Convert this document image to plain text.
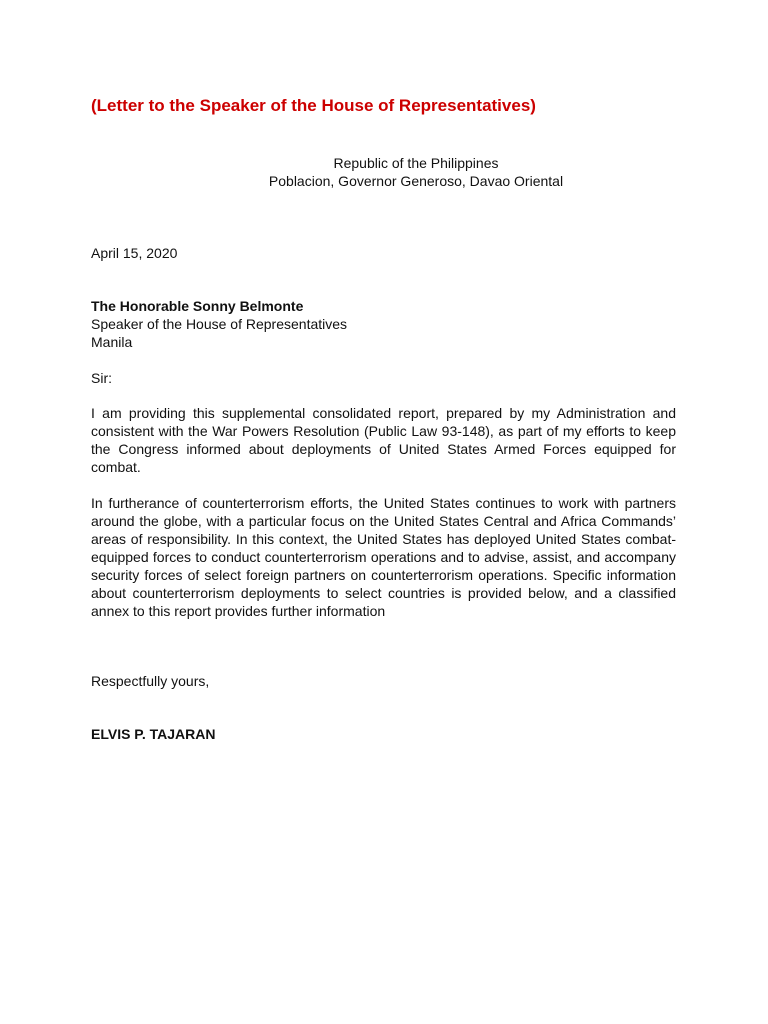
(Letter to the Speaker of the House of Representatives)
Republic of the Philippines
Poblacion, Governor Generoso, Davao Oriental
April 15, 2020
The Honorable Sonny Belmonte
Speaker of the House of Representatives
Manila
Sir:

I am providing this supplemental consolidated report, prepared by my Administration and consistent with the War Powers Resolution (Public Law 93-148), as part of my efforts to keep the Congress informed about deployments of United States Armed Forces equipped for combat.

In furtherance of counterterrorism efforts, the United States continues to work with partners around the globe, with a particular focus on the United States Central and Africa Commands’ areas of responsibility. In this context, the United States has deployed United States combat-equipped forces to conduct counterterrorism operations and to advise, assist, and accompany security forces of select foreign partners on counterterrorism operations. Specific information about counterterrorism deployments to select countries is provided below, and a classified annex to this report provides further information

Respectfully yours,
ELVIS P. TAJARAN
